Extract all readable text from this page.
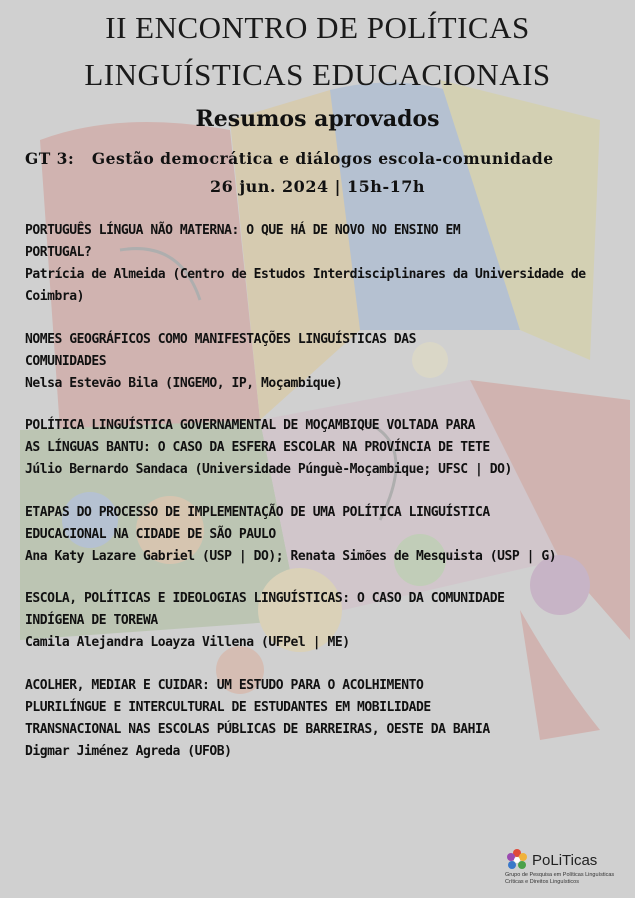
II ENCONTRO DE POLÍTICAS
LINGUÍSTICAS EDUCACIONAIS
Resumos aprovados
GT 3:   Gestão democrática e diálogos escola-comunidade
26 jun. 2024 | 15h-17h
PORTUGUÊS LÍNGUA NÃO MATERNA: O QUE HÁ DE NOVO NO ENSINO EM
PORTUGAL?
Patrícia de Almeida (Centro de Estudos Interdisciplinares da Universidade de
Coimbra)
NOMES GEOGRÁFICOS COMO MANIFESTAÇÕES LINGUÍSTICAS DAS
COMUNIDADES
Nelsa Estevão Bila (INGEMO, IP, Moçambique)
POLÍTICA LINGUÍSTICA GOVERNAMENTAL DE MOÇAMBIQUE VOLTADA PARA
AS LÍNGUAS BANTU: O CASO DA ESFERA ESCOLAR NA PROVÍNCIA DE TETE
Júlio Bernardo Sandaca (Universidade Púnguè-Moçambique; UFSC | DO)
ETAPAS DO PROCESSO DE IMPLEMENTAÇÃO DE UMA POLÍTICA LINGUÍSTICA
EDUCACIONAL NA CIDADE DE SÃO PAULO
Ana Katy Lazare Gabriel (USP | DO); Renata Simões de Mesquista (USP | G)
ESCOLA, POLÍTICAS E IDEOLOGIAS LINGUÍSTICAS: O CASO DA COMUNIDADE
INDÍGENA DE TOREWA
Camila Alejandra Loayza Villena (UFPel | ME)
ACOLHER, MEDIAR E CUIDAR: UM ESTUDO PARA O ACOLHIMENTO
PLURILÍNGUE E INTERCULTURAL DE ESTUDANTES EM MOBILIDADE
TRANSNACIONAL NAS ESCOLAS PÚBLICAS DE BARREIRAS, OESTE DA BAHIA
Digmar Jiménez Agreda (UFOB)
PoLiTicas
Grupo de Pesquisa em Políticas Linguísticas
Críticas e Direitos Linguísticos
